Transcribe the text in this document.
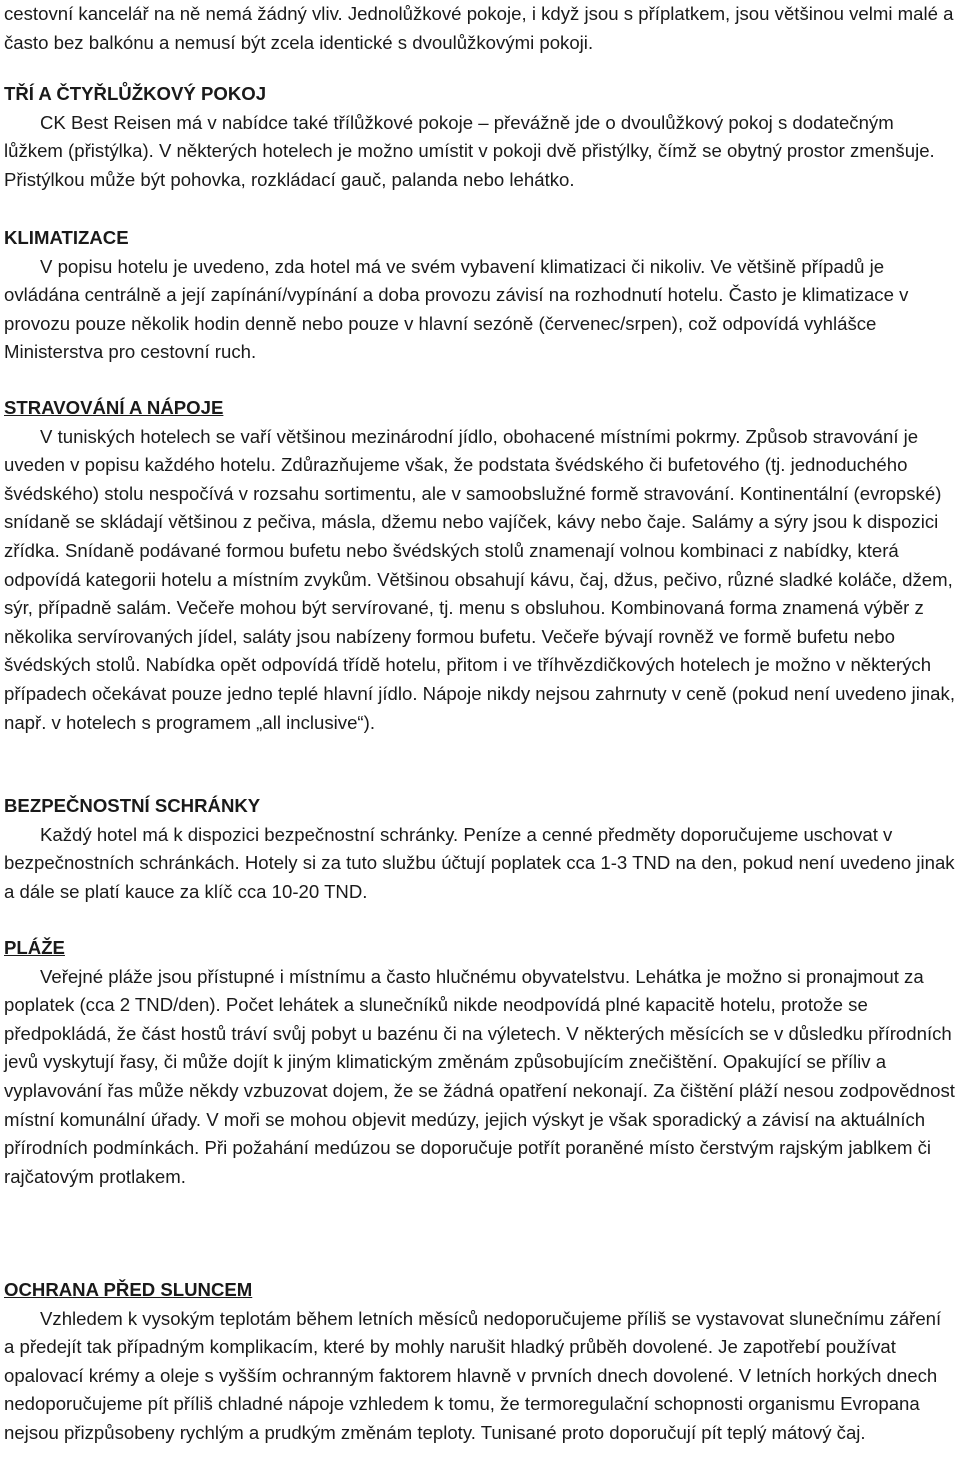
cestovní kancelář na ně nemá žádný vliv. Jednolůžkové pokoje, i když jsou s příplatkem, jsou většinou velmi malé a často bez balkónu a nemusí být zcela identické s dvoulůžkovými pokoji.

TŘÍ A ČTYŘLŮŽKOVÝ POKOJ

CK Best Reisen má v nabídce také třílůžkové pokoje – převážně jde o dvoulůžkový pokoj s dodatečným lůžkem (přistýlka). V některých hotelech je možno umístit v pokoji dvě přistýlky, čímž se obytný prostor zmenšuje. Přistýlkou může být pohovka, rozkládací gauč, palanda nebo lehátko.

KLIMATIZACE

V popisu hotelu je uvedeno, zda hotel má ve svém vybavení klimatizaci či nikoliv. Ve většině případů je ovládána centrálně a její zapínání/vypínání a doba provozu závisí na rozhodnutí hotelu. Často je klimatizace v provozu pouze několik hodin denně nebo pouze v hlavní sezóně (červenec/srpen), což odpovídá vyhlášce Ministerstva pro cestovní ruch.

STRAVOVÁNÍ A NÁPOJE

V tuniských hotelech se vaří většinou mezinárodní jídlo, obohacené místními pokrmy. Způsob stravování je uveden v popisu každého hotelu. Zdůrazňujeme však, že podstata švédského či bufetového (tj. jednoduchého švédského) stolu nespočívá v rozsahu sortimentu, ale v samoobslužné formě stravování. Kontinentální (evropské) snídaně se skládají většinou z pečiva, másla, džemu nebo vajíček, kávy nebo čaje. Salámy a sýry jsou k dispozici zřídka. Snídaně podávané formou bufetu nebo švédských stolů znamenají volnou kombinaci z nabídky, která odpovídá kategorii hotelu a místním zvykům. Většinou obsahují kávu, čaj, džus, pečivo, různé sladké koláče, džem, sýr, případně salám. Večeře mohou být servírované, tj. menu s obsluhou. Kombinovaná forma znamená výběr z několika servírovaných jídel, saláty jsou nabízeny formou bufetu. Večeře bývají rovněž ve formě bufetu nebo švédských stolů. Nabídka opět odpovídá třídě hotelu, přitom i ve tříhvězdičkových hotelech je možno v některých případech očekávat pouze jedno teplé hlavní jídlo. Nápoje nikdy nejsou zahrnuty v ceně (pokud není uvedeno jinak, např. v hotelech s programem „all inclusive“).

BEZPEČNOSTNÍ SCHRÁNKY

Každý hotel má k dispozici bezpečnostní schránky. Peníze a cenné předměty doporučujeme uschovat v bezpečnostních schránkách. Hotely si za tuto službu účtují poplatek cca 1-3 TND na den, pokud není uvedeno jinak a dále se platí kauce za klíč cca 10-20 TND.

PLÁŽE

Veřejné pláže jsou přístupné i místnímu a často hlučnému obyvatelstvu. Lehátka je možno si pronajmout za poplatek (cca 2 TND/den). Počet lehátek a slunečníků nikde neodpovídá plné kapacitě hotelu, protože se předpokládá, že část hostů tráví svůj pobyt u bazénu či na výletech. V některých měsících se v důsledku přírodních jevů vyskytují řasy, či může dojít k jiným klimatickým změnám způsobujícím znečištění. Opakující se příliv a vyplavování řas může někdy vzbuzovat dojem, že se žádná opatření nekonají. Za čištění pláží nesou zodpovědnost místní komunální úřady. V moři se mohou objevit medúzy, jejich výskyt je však sporadický a závisí na aktuálních přírodních podmínkách. Při požahání medúzou se doporučuje potřít poraněné místo čerstvým rajským jablkem či rajčatovým protlakem.

OCHRANA PŘED SLUNCEM

Vzhledem k vysokým teplotám během letních měsíců nedoporučujeme příliš se vystavovat slunečnímu záření a předejít tak případným komplikacím, které by mohly narušit hladký průběh dovolené. Je zapotřebí používat opalovací krémy a oleje s vyšším ochranným faktorem hlavně v prvních dnech dovolené. V letních horkých dnech nedoporučujeme pít příliš chladné nápoje vzhledem k tomu, že termoregulační schopnosti organismu Evropana nejsou přizpůsobeny rychlým a prudkým změnám teploty. Tunisané proto doporučují pít teplý mátový čaj.
